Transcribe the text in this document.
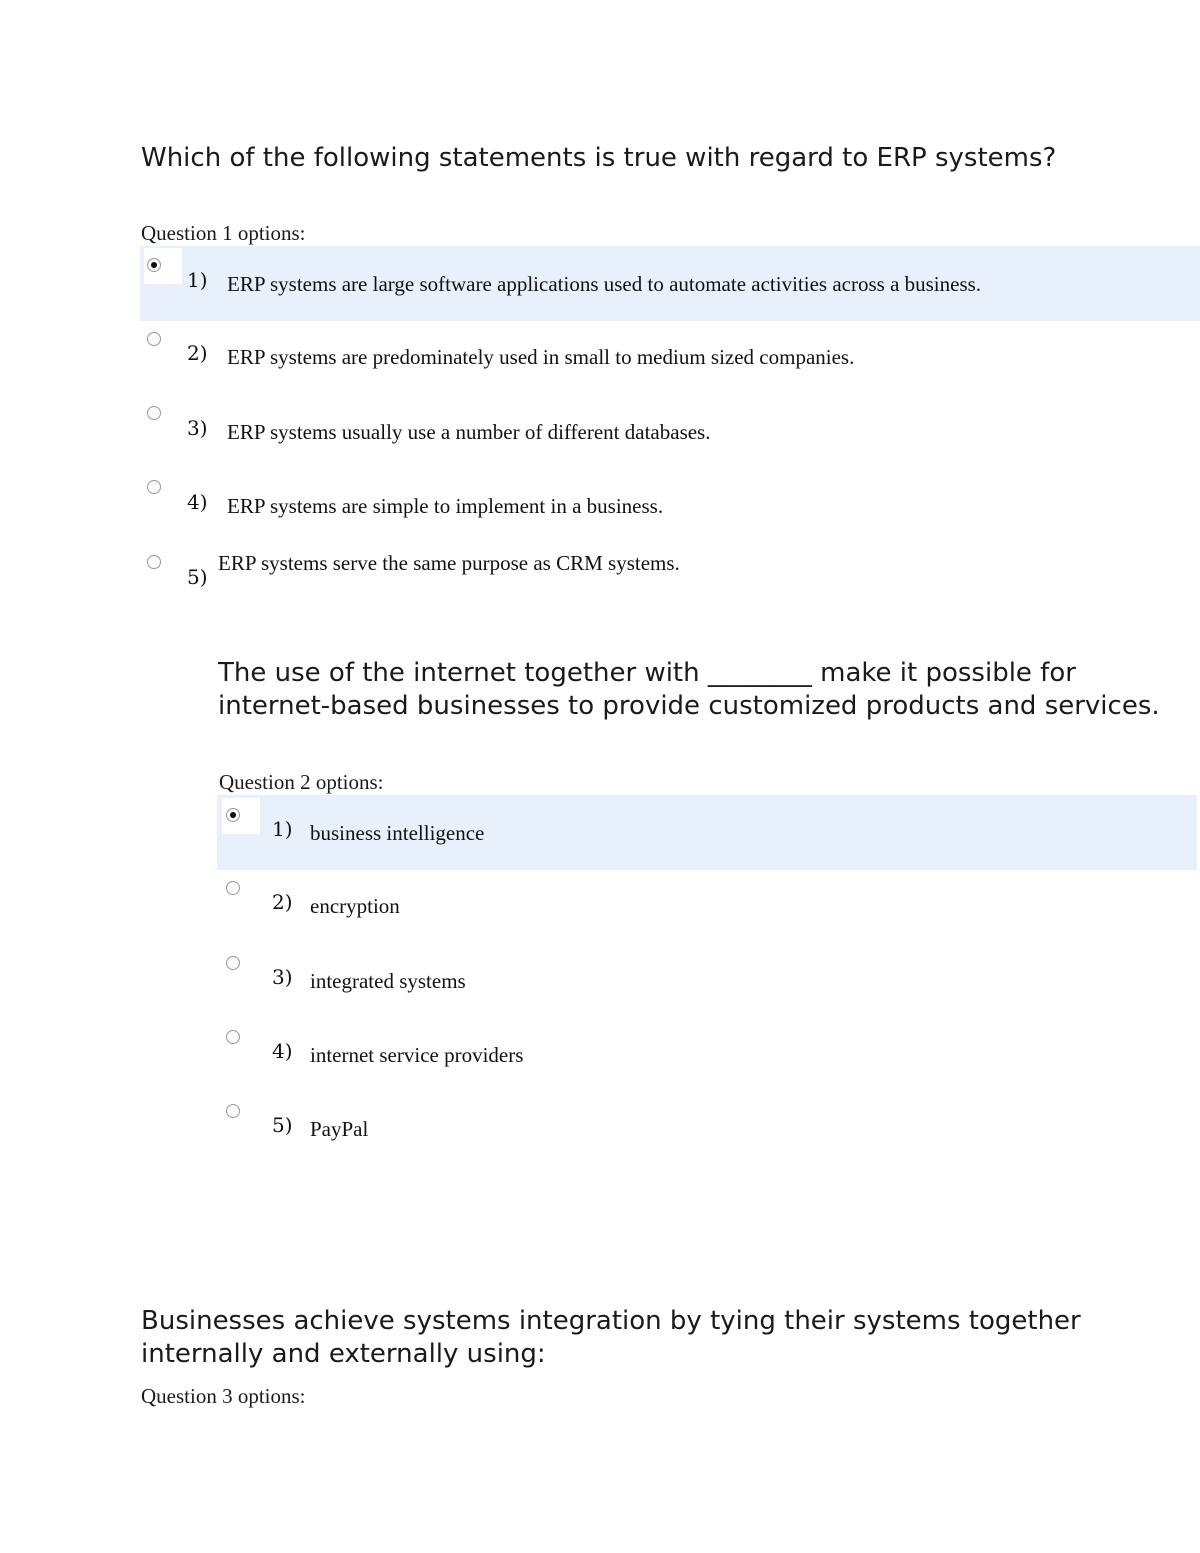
Which of the following statements is true with regard to ERP systems?
Question 1 options:
1) ERP systems are large software applications used to automate activities across a business.
2) ERP systems are predominately used in small to medium sized companies.
3) ERP systems usually use a number of different databases.
4) ERP systems are simple to implement in a business.
5)
ERP systems serve the same purpose as CRM systems.
The use of the internet together with ________ make it possible for internet-based businesses to provide customized products and services.
Question 2 options:
1) business intelligence
2) encryption
3) integrated systems
4) internet service providers
5) PayPal
Businesses achieve systems integration by tying their systems together internally and externally using:
Question 3 options:
